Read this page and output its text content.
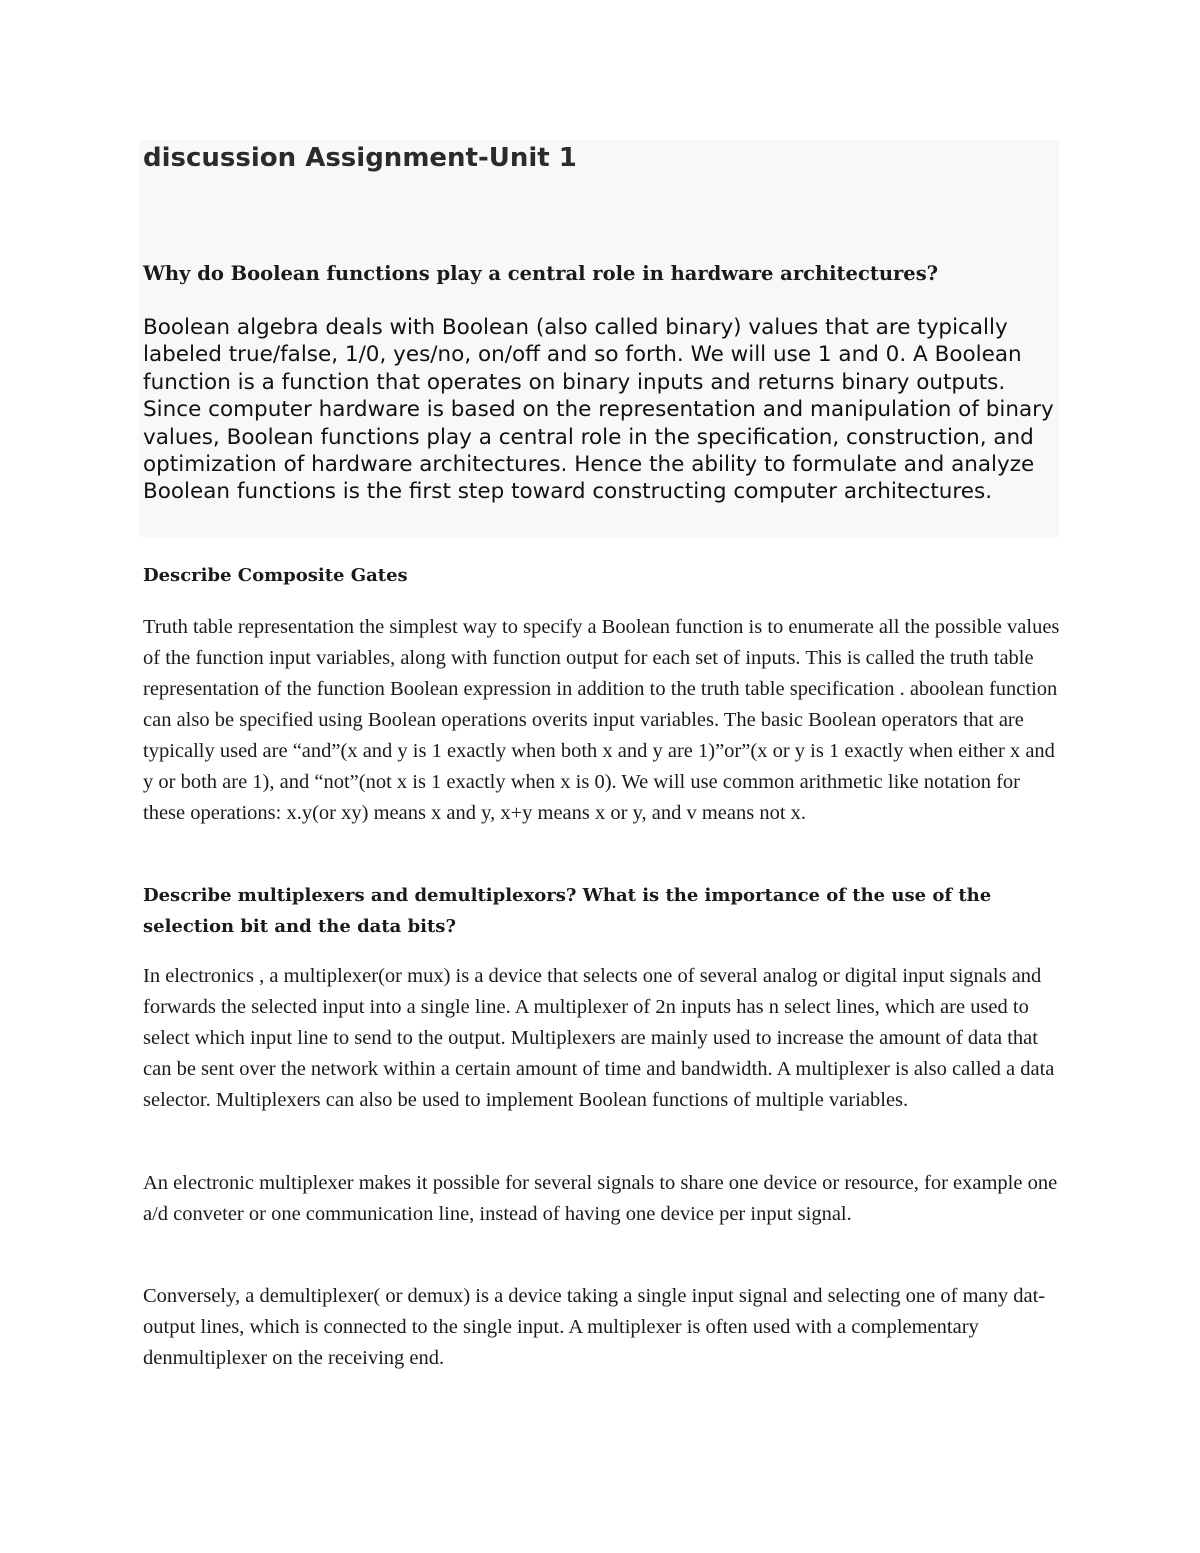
discussion Assignment-Unit 1

Why do Boolean functions play a central role in hardware architectures?

Boolean algebra deals with Boolean (also called binary) values that are typically labeled true/false, 1/0, yes/no, on/off and so forth. We will use 1 and 0. A Boolean function is a function that operates on binary inputs and returns binary outputs. Since computer hardware is based on the representation and manipulation of binary values, Boolean functions play a central role in the specification, construction, and optimization of hardware architectures. Hence the ability to formulate and analyze Boolean functions is the first step toward constructing computer architectures.

Describe Composite Gates

Truth table representation the simplest way to specify a Boolean function is to enumerate all the possible values of the function input variables, along with function output for each set of inputs. This is called the truth table representation of the function Boolean expression in addition to the truth table specification . aboolean function can also be specified using Boolean operations overits input variables. The basic Boolean operators that are typically used are “and”(x and y is 1 exactly when both x and y are 1)”or”(x or y is 1 exactly when either x and y or both are 1), and “not”(not x is 1 exactly when x is 0). We will use common arithmetic like notation for these operations: x.y(or xy) means x and y, x+y means x or y, and v means not x.

Describe multiplexers and demultiplexors? What is the importance of the use of the selection bit and the data bits?

In electronics , a multiplexer(or mux) is a device that selects one of several analog or digital input signals and forwards the selected input into a single line. A multiplexer of 2n inputs has n select lines, which are used to select which input line to send to the output. Multiplexers are mainly used to increase the amount of data that can be sent over the network within a certain amount of time and bandwidth. A multiplexer is also called a data selector. Multiplexers can also be used to implement Boolean functions of multiple variables.

An electronic multiplexer makes it possible for several signals to share one device or resource, for example one a/d conveter or one communication line, instead of having one device per input signal.

Conversely, a demultiplexer( or demux) is a device taking a single input signal and selecting one of many dat-output lines, which is connected to the single input. A multiplexer is often used with a complementary denmultiplexer on the receiving end.
